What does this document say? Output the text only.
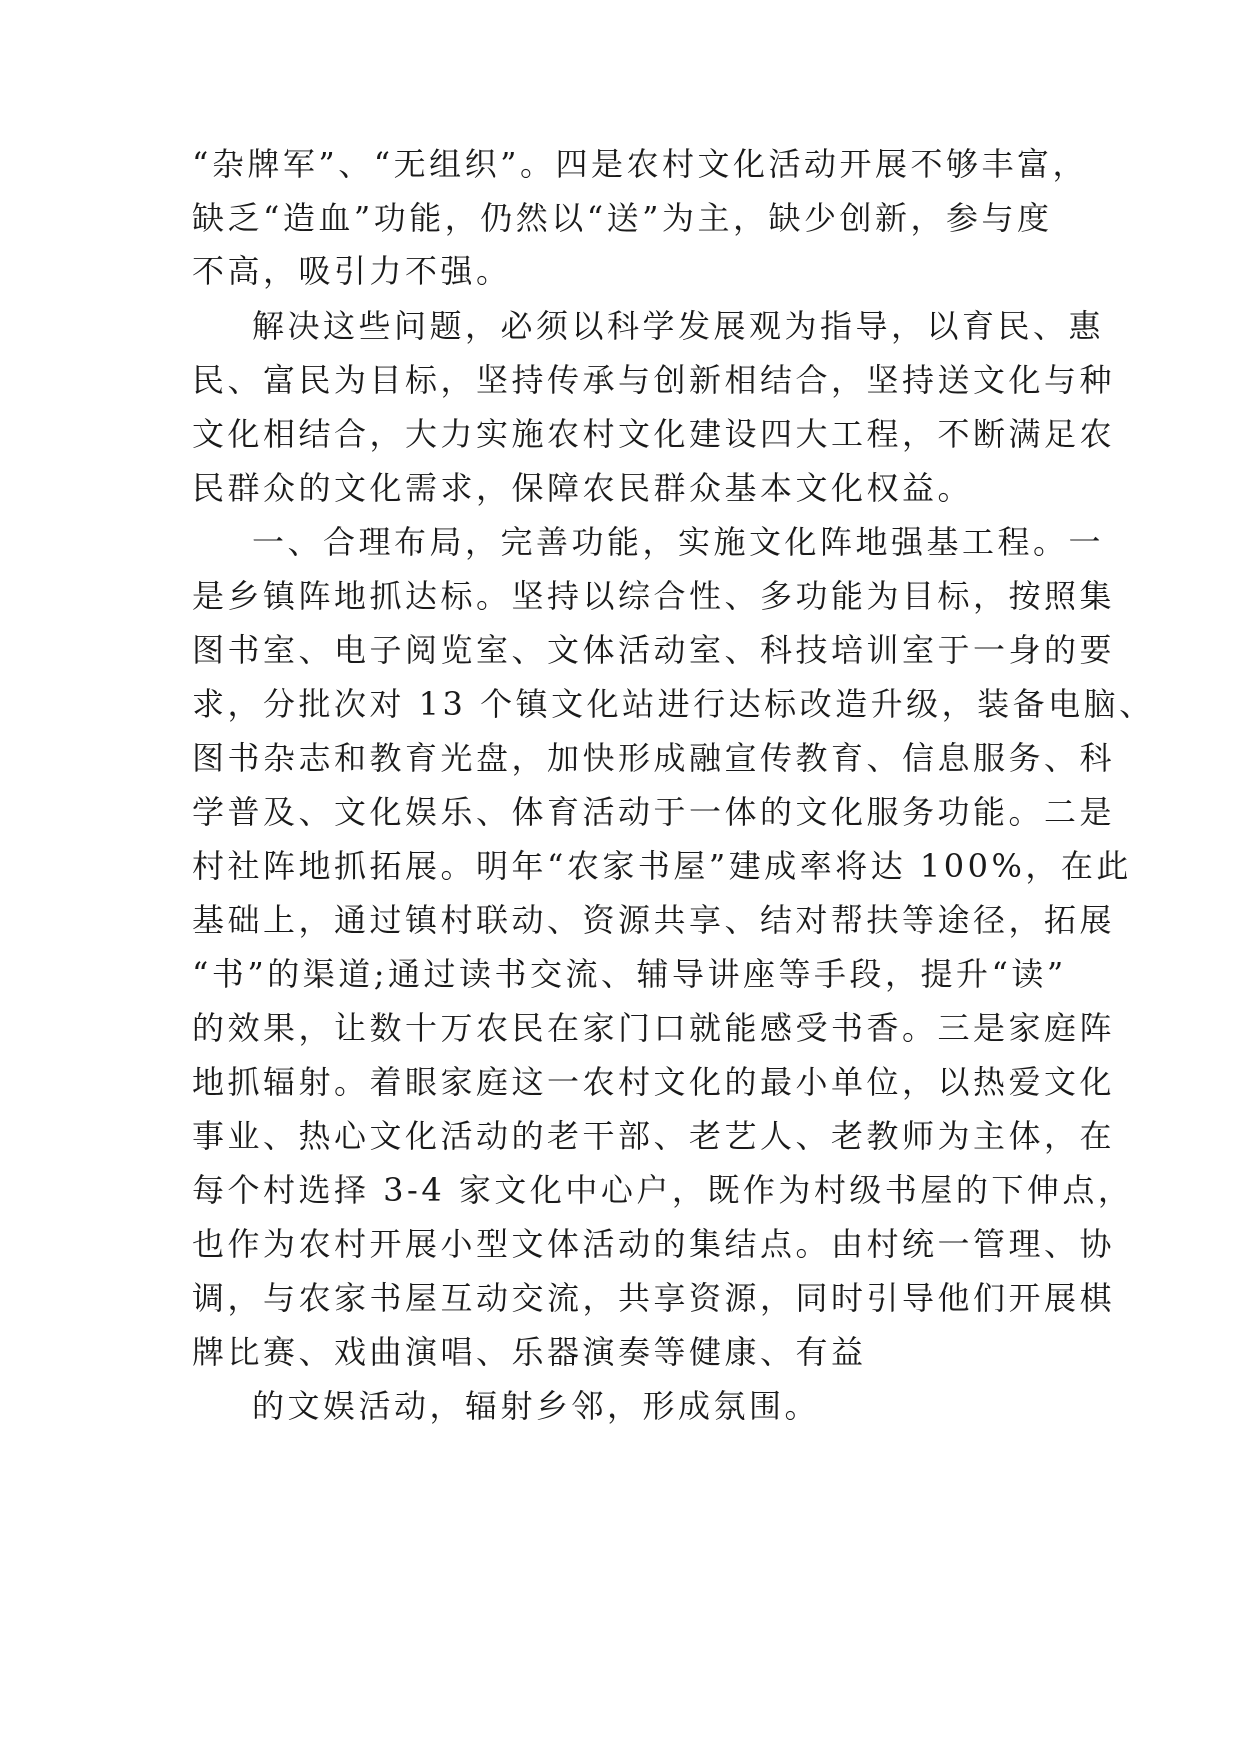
“杂牌军”、“无组织”。四是农村文化活动开展不够丰富，
缺乏“造血”功能，仍然以“送”为主，缺少创新，参与度
不高，吸引力不强。
解决这些问题，必须以科学发展观为指导，以育民、惠
民、富民为目标，坚持传承与创新相结合，坚持送文化与种
文化相结合，大力实施农村文化建设四大工程，不断满足农
民群众的文化需求，保障农民群众基本文化权益。
一、合理布局，完善功能，实施文化阵地强基工程。一
是乡镇阵地抓达标。坚持以综合性、多功能为目标，按照集
图书室、电子阅览室、文体活动室、科技培训室于一身的要
求，分批次对 13 个镇文化站进行达标改造升级，装备电脑、
图书杂志和教育光盘，加快形成融宣传教育、信息服务、科
学普及、文化娱乐、体育活动于一体的文化服务功能。二是
村社阵地抓拓展。明年“农家书屋”建成率将达 100%，在此
基础上，通过镇村联动、资源共享、结对帮扶等途径，拓展
“书”的渠道;通过读书交流、辅导讲座等手段，提升“读”
的效果，让数十万农民在家门口就能感受书香。三是家庭阵
地抓辐射。着眼家庭这一农村文化的最小单位，以热爱文化
事业、热心文化活动的老干部、老艺人、老教师为主体，在
每个村选择 3-4 家文化中心户，既作为村级书屋的下伸点，
也作为农村开展小型文体活动的集结点。由村统一管理、协
调，与农家书屋互动交流，共享资源，同时引导他们开展棋
牌比赛、戏曲演唱、乐器演奏等健康、有益
的文娱活动，辐射乡邻，形成氛围。
